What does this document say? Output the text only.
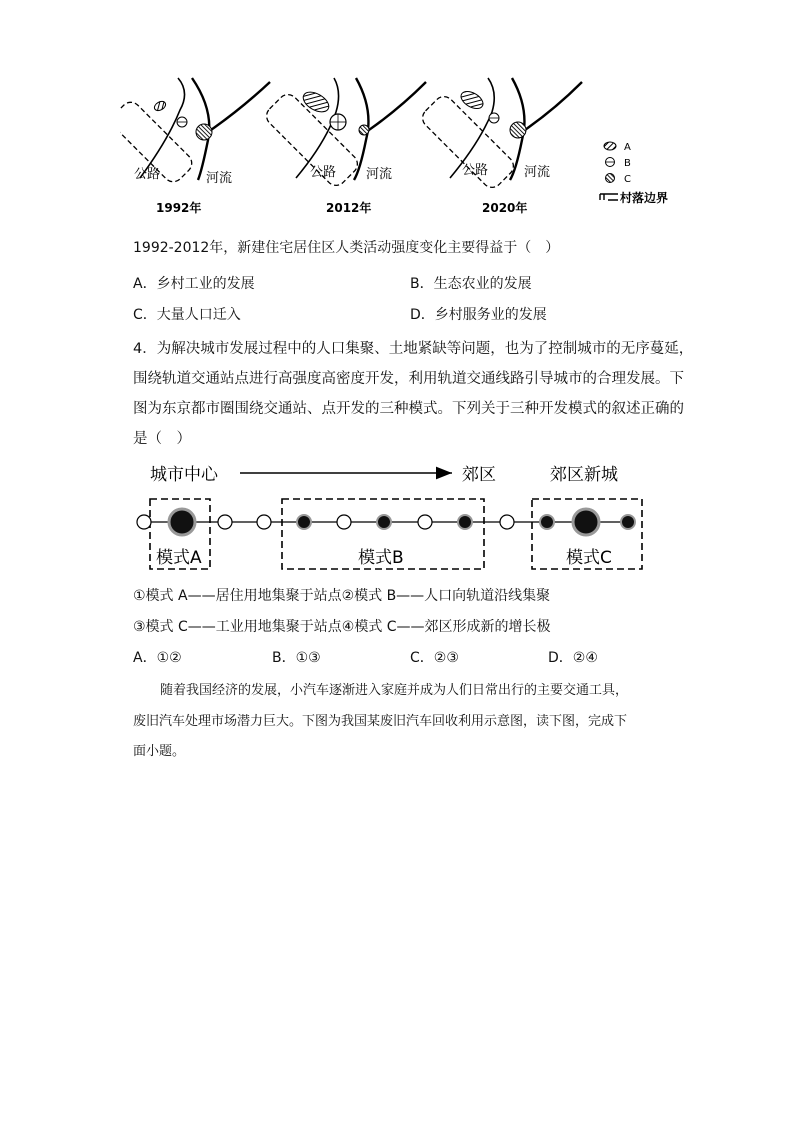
公路	河流
1992年
公路 河流
2012年
公路	河流
2020年
A
B
C
村落边界
1992-2012年，新建住宅居住区人类活动强度变化主要得益于（　）
A．乡村工业的发展	B．生态农业的发展
C．大量人口迁入	D．乡村服务业的发展
4．为解决城市发展过程中的人口集聚、土地紧缺等问题，也为了控制城市的无序蔓延，
围绕轨道交通站点进行高强度高密度开发，利用轨道交通线路引导城市的合理发展。下
图为东京都市圈围绕交通站、点开发的三种模式。下列关于三种开发模式的叙述正确的
是（　）
城市中心	郊区	郊区新城
模式A	模式B	模式C
①模式 A——居住用地集聚于站点②模式 B——人口向轨道沿线集聚
③模式 C——工业用地集聚于站点④模式 C——郊区形成新的增长极
A．①②	B．①③	C．②③	D．②④
随着我国经济的发展，小汽车逐渐进入家庭并成为人们日常出行的主要交通工具，
废旧汽车处理市场潜力巨大。下图为我国某废旧汽车回收利用示意图，读下图，完成下
面小题。
